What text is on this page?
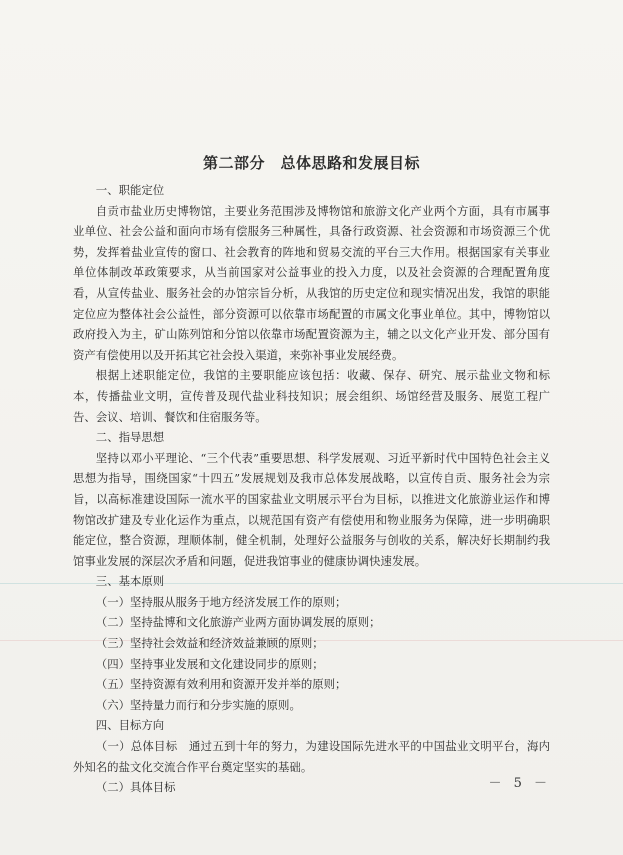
第二部分　总体思路和发展目标
一、职能定位

自贡市盐业历史博物馆，主要业务范围涉及博物馆和旅游文化产业两个方面，具有市属事业单位、社会公益和面向市场有偿服务三种属性，具备行政资源、社会资源和市场资源三个优势，发挥着盐业宣传的窗口、社会教育的阵地和贸易交流的平台三大作用。根据国家有关事业单位体制改革政策要求，从当前国家对公益事业的投入力度，以及社会资源的合理配置角度看，从宣传盐业、服务社会的办馆宗旨分析，从我馆的历史定位和现实情况出发，我馆的职能定位应为整体社会公益性，部分资源可以依靠市场配置的市属文化事业单位。其中，博物馆以政府投入为主，矿山陈列馆和分馆以依靠市场配置资源为主，辅之以文化产业开发、部分国有资产有偿使用以及开拓其它社会投入渠道，来弥补事业发展经费。

根据上述职能定位，我馆的主要职能应该包括：收藏、保存、研究、展示盐业文物和标本，传播盐业文明，宣传普及现代盐业科技知识；展会组织、场馆经营及服务、展览工程广告、会议、培训、餐饮和住宿服务等。

二、指导思想

坚持以邓小平理论、“三个代表”重要思想、科学发展观、习近平新时代中国特色社会主义思想为指导，围绕国家“十四五”发展规划及我市总体发展战略，以宣传自贡、服务社会为宗旨，以高标准建设国际一流水平的国家盐业文明展示平台为目标，以推进文化旅游业运作和博物馆改扩建及专业化运作为重点，以规范国有资产有偿使用和物业服务为保障，进一步明确职能定位，整合资源，理顺体制，健全机制，处理好公益服务与创收的关系，解决好长期制约我馆事业发展的深层次矛盾和问题，促进我馆事业的健康协调快速发展。

三、基本原则
（一）坚持服从服务于地方经济发展工作的原则；
（二）坚持盐博和文化旅游产业两方面协调发展的原则；
（三）坚持社会效益和经济效益兼顾的原则；
（四）坚持事业发展和文化建设同步的原则；
（五）坚持资源有效利用和资源开发并举的原则；
（六）坚持量力而行和分步实施的原则。
四、目标方向

（一）总体目标　通过五到十年的努力，为建设国际先进水平的中国盐业文明平台，海内外知名的盐文化交流合作平台奠定坚实的基础。

（二）具体目标	－ 5 －
